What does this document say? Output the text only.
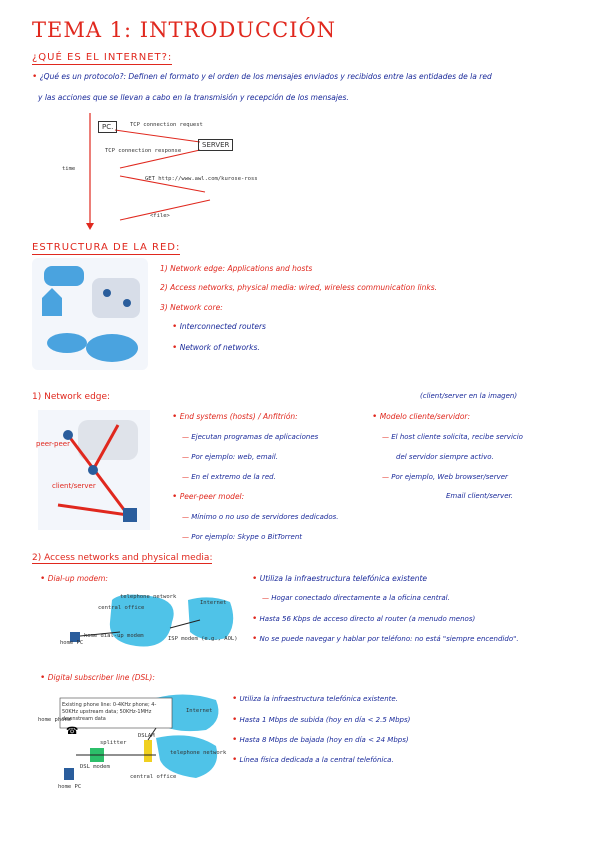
TEMA 1: INTRODUCCIÓN
¿QUÉ ES EL INTERNET?:
• ¿Qué es un protocolo?: Definen el formato y el orden de los mensajes enviados y recibidos entre las entidades de la red
y las acciones que se llevan a cabo en la transmisión y recepción de los mensajes.
PC.
SERVER
time
TCP connection request
TCP connection response
GET http://www.awl.com/kurose-ross
<file>
ESTRUCTURA DE LA RED:
1) Network edge: Applications and hosts
2) Access networks, physical media: wired, wireless communication links.
3) Network core:
• Interconnected routers
• Network of networks.
1) Network edge:	(client/server en la imagen)
peer-peer
client/server
• End systems (hosts) / Anfitrión:
— Ejecutan programas de aplicaciones
— Por ejemplo: web, email.
— En el extremo de la red.
• Peer-peer model:
— Mínimo o no uso de servidores dedicados.
— Por ejemplo: Skype o BitTorrent
• Modelo cliente/servidor:
— El host cliente solicita, recibe servicio
del servidor siempre activo.
— Por ejemplo, Web browser/server
Email client/server.
2) Access networks and physical media:
• Dial-up modem:
central office
telephone network
Internet
home PC
home dial-up modem	ISP modem (e.g., AOL)
• Utiliza la infraestructura telefónica existente
— Hogar conectado directamente a la oficina central.
• Hasta 56 Kbps de acceso directo al router (a menudo menos)
• No se puede navegar y hablar por teléfono: no está "siempre encendido".
• Digital subscriber line (DSL):
☎
Existing phone line: 0-4KHz phone; 4-50KHz upstream data; 50KHz-1MHz downstream data
home phone
splitter
DSL modem
home PC
DSLAM
central office
telephone network
Internet
• Utiliza la infraestructura telefónica existente.
• Hasta 1 Mbps de subida (hoy en día < 2.5 Mbps)
• Hasta 8 Mbps de bajada (hoy en día < 24 Mbps)
• Línea física dedicada a la central telefónica.
